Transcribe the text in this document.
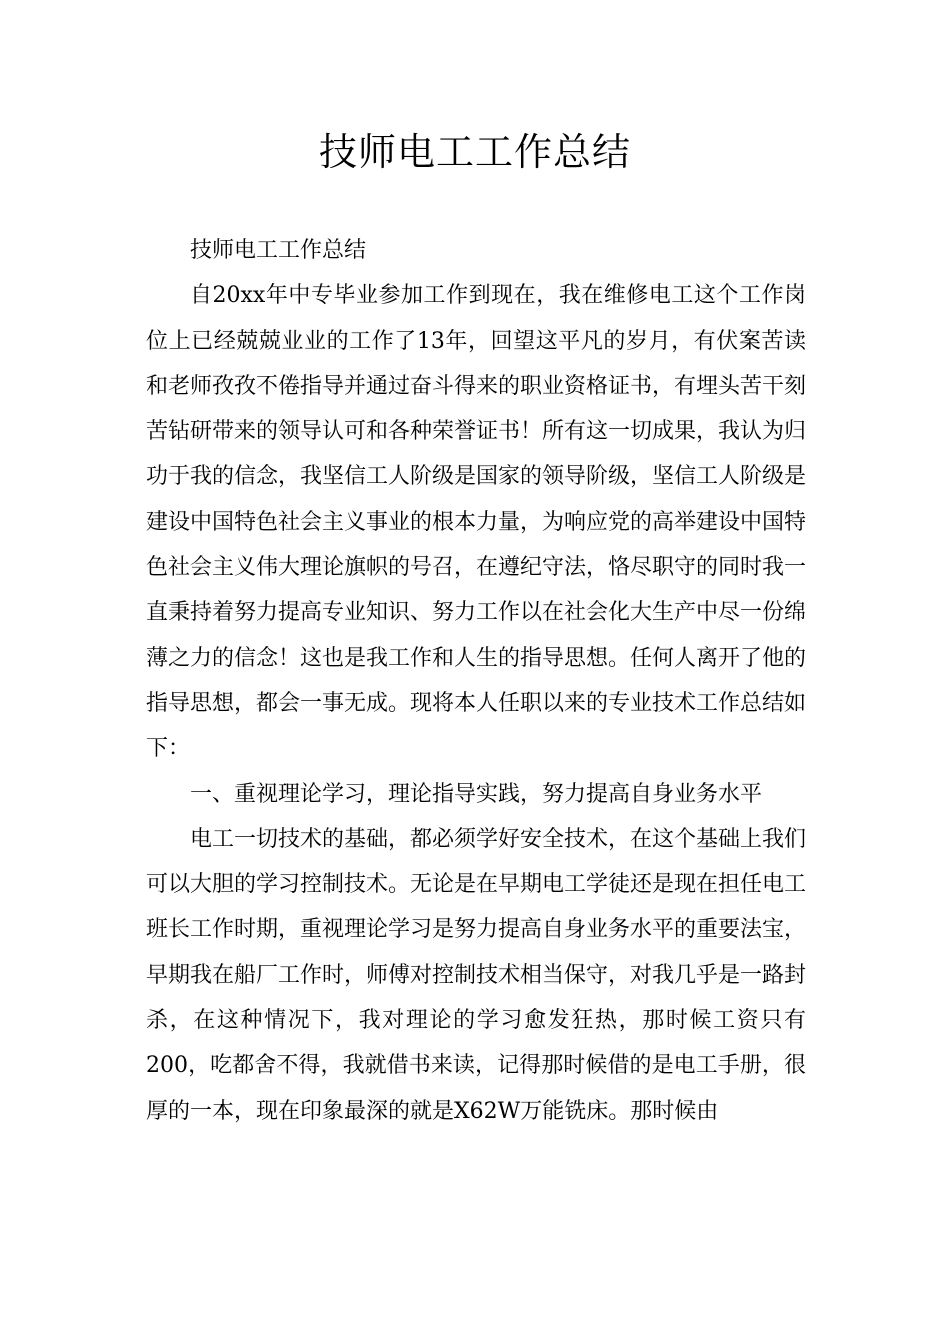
技师电工工作总结

技师电工工作总结

自20xx年中专毕业参加工作到现在，我在维修电工这个工作岗位上已经兢兢业业的工作了13年，回望这平凡的岁月，有伏案苦读和老师孜孜不倦指导并通过奋斗得来的职业资格证书，有埋头苦干刻苦钻研带来的领导认可和各种荣誉证书！所有这一切成果，我认为归功于我的信念，我坚信工人阶级是国家的领导阶级，坚信工人阶级是建设中国特色社会主义事业的根本力量，为响应党的高举建设中国特色社会主义伟大理论旗帜的号召，在遵纪守法，恪尽职守的同时我一直秉持着努力提高专业知识、努力工作以在社会化大生产中尽一份绵薄之力的信念！这也是我工作和人生的指导思想。任何人离开了他的指导思想，都会一事无成。现将本人任职以来的专业技术工作总结如下：

一、重视理论学习，理论指导实践，努力提高自身业务水平

电工一切技术的基础，都必须学好安全技术，在这个基础上我们可以大胆的学习控制技术。无论是在早期电工学徒还是现在担任电工班长工作时期，重视理论学习是努力提高自身业务水平的重要法宝，早期我在船厂工作时，师傅对控制技术相当保守，对我几乎是一路封杀，在这种情况下，我对理论的学习愈发狂热，那时候工资只有200，吃都舍不得，我就借书来读，记得那时候借的是电工手册，很厚的一本，现在印象最深的就是X62W万能铣床。那时候由
